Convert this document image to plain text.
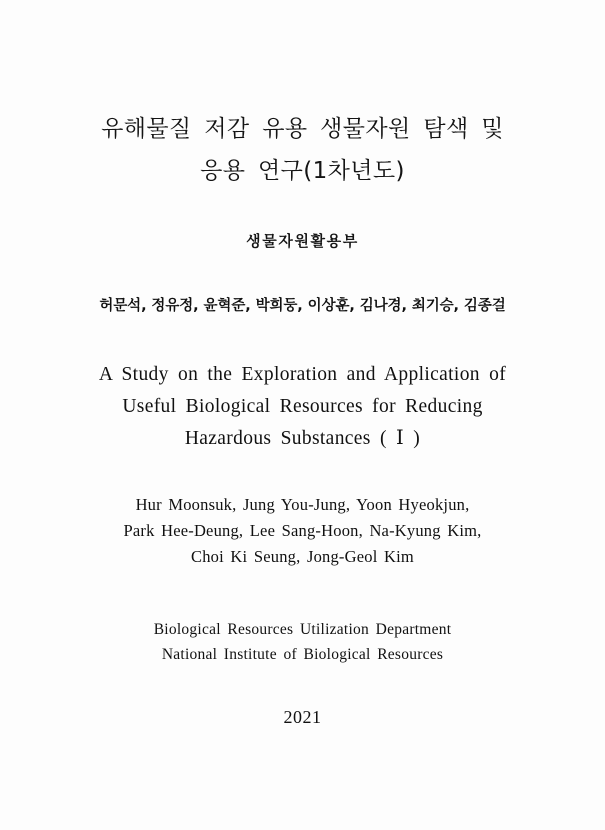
유해물질 저감 유용 생물자원 탐색 및
응용 연구(1차년도)
생물자원활용부
허문석, 정유정, 윤혁준, 박희둥, 이상훈, 김나경, 최기승, 김종걸
A Study on the Exploration and Application of
Useful Biological Resources for Reducing
Hazardous Substances ( Ⅰ )
Hur Moonsuk, Jung You-Jung, Yoon Hyeokjun,
Park Hee-Deung, Lee Sang-Hoon, Na-Kyung Kim,
Choi Ki Seung, Jong-Geol Kim
Biological Resources Utilization Department
National Institute of Biological Resources
2021
